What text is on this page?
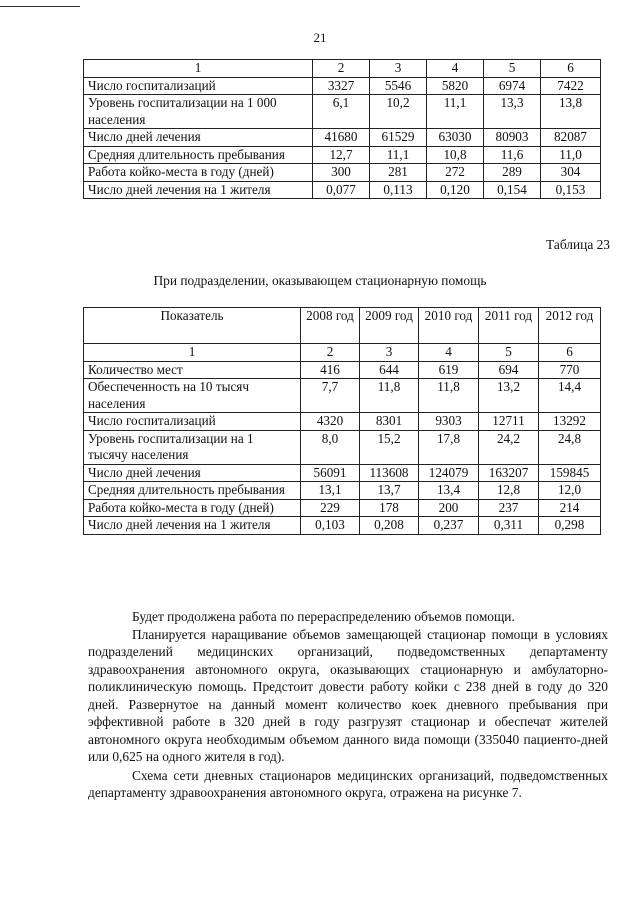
21
1	2	3	4	5	6
Число госпитализаций	3327	5546	5820	6974	7422
Уровень госпитализации на 1 000 населения	6,1	10,2	11,1	13,3	13,8
Число дней лечения	41680	61529	63030	80903	82087
Средняя длительность пребывания	12,7	11,1	10,8	11,6	11,0
Работа койко-места в году (дней)	300	281	272	289	304
Число дней лечения на 1 жителя	0,077	0,113	0,120	0,154	0,153
Таблица 23
При подразделении, оказывающем стационарную помощь
Показатель	2008 год	2009 год	2010 год	2011 год	2012 год
1	2	3	4	5	6
Количество мест	416	644	619	694	770
Обеспеченность на 10 тысяч населения	7,7	11,8	11,8	13,2	14,4
Число госпитализаций	4320	8301	9303	12711	13292
Уровень госпитализации на 1 тысячу населения	8,0	15,2	17,8	24,2	24,8
Число дней лечения	56091	113608	124079	163207	159845
Средняя длительность пребывания	13,1	13,7	13,4	12,8	12,0
Работа койко-места в году (дней)	229	178	200	237	214
Число дней лечения на 1 жителя	0,103	0,208	0,237	0,311	0,298

Будет продолжена работа по перераспределению объемов помощи.

Планируется наращивание объемов замещающей стационар помощи в условиях подразделений медицинских организаций, подведомственных департаменту здравоохранения автономного округа, оказывающих стационарную и амбулаторно-поликлиническую помощь. Предстоит довести работу койки с 238 дней в году до 320 дней. Развернутое на данный момент количество коек дневного пребывания при эффективной работе в 320 дней в году разгрузят стационар и обеспечат жителей автономного округа необходимым объемом данного вида помощи (335040 пациенто-дней или 0,625 на одного жителя в год).

Схема сети дневных стационаров медицинских организаций, подведомственных департаменту здравоохранения автономного округа, отражена на рисунке 7.
